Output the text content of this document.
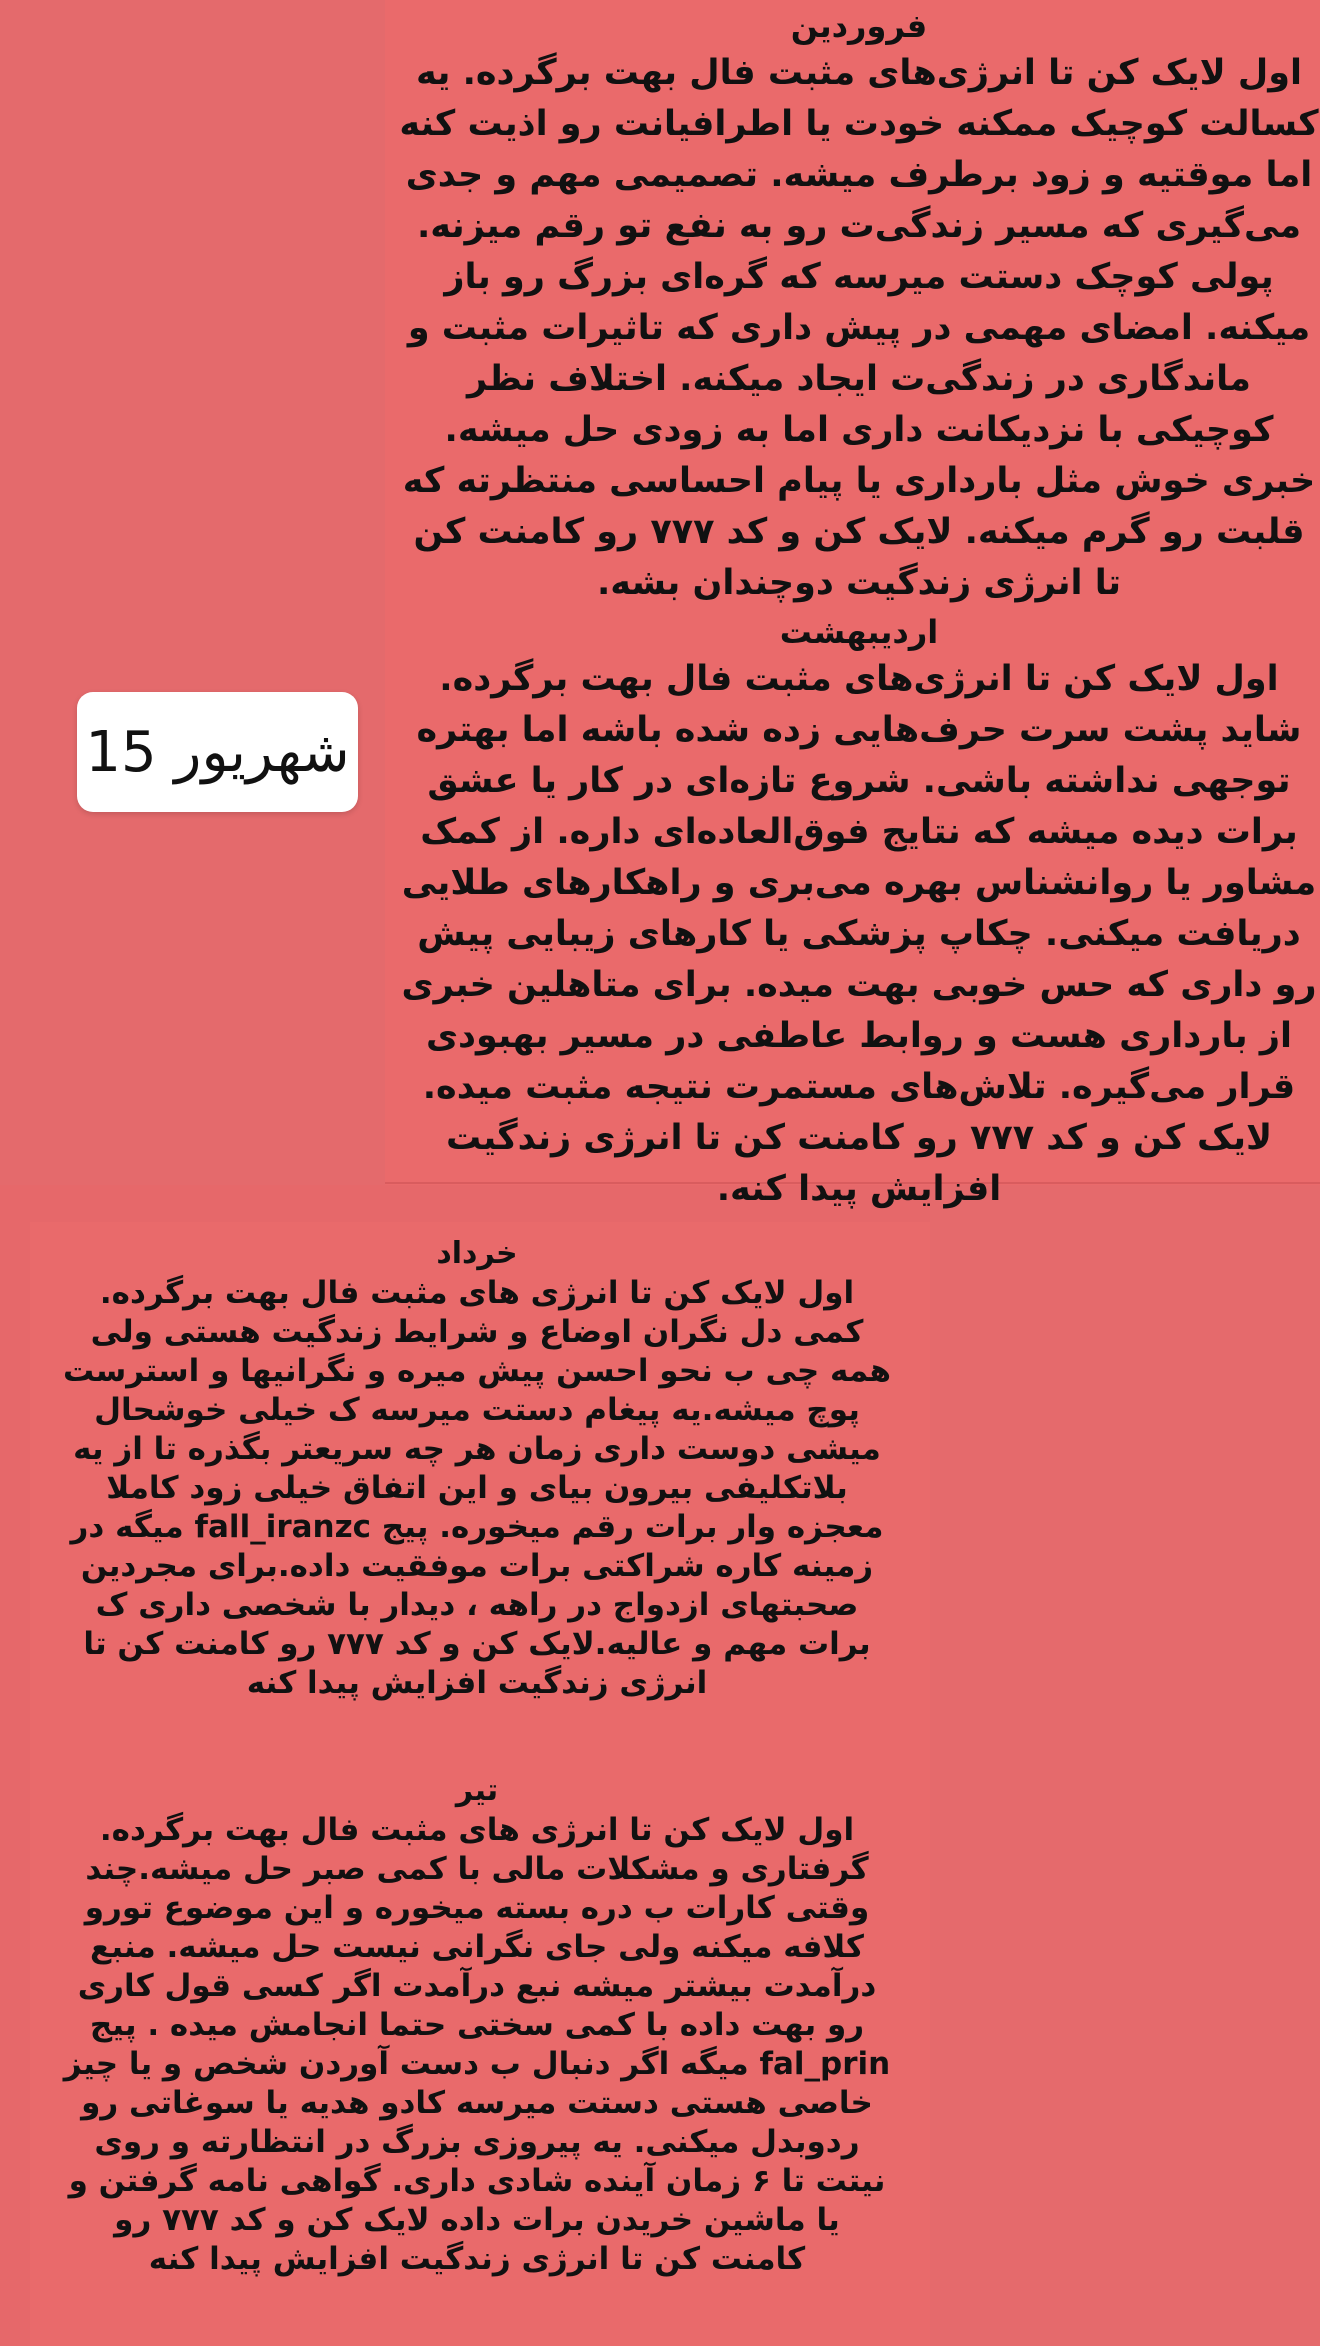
15 شهریور
فروردین
اول لایک کن تا انرژی‌های مثبت فال بهت برگرده. یه کسالت کوچیک ممکنه خودت یا اطرافیانت رو اذیت کنه اما موقتیه و زود برطرف میشه. تصمیمی مهم و جدی می‌گیری که مسیر زندگی‌ت رو به نفع تو رقم میزنه. پولی کوچک دستت میرسه که گره‌ای بزرگ رو باز میکنه. امضای مهمی در پیش داری که تاثیرات مثبت و ماندگاری در زندگی‌ت ایجاد میکنه. اختلاف نظر کوچیکی با نزدیکانت داری اما به زودی حل میشه. خبری خوش مثل بارداری یا پیام احساسی منتظرته که قلبت رو گرم میکنه. لایک کن و کد ۷۷۷ رو کامنت کن تا انرژی زندگیت دوچندان بشه.
اردیبهشت
اول لایک کن تا انرژی‌های مثبت فال بهت برگرده. شاید پشت سرت حرف‌هایی زده شده باشه اما بهتره توجهی نداشته باشی. شروع تازه‌ای در کار یا عشق برات دیده میشه که نتایج فوق‌العاده‌ای داره. از کمک مشاور یا روانشناس بهره می‌بری و راهکارهای طلایی دریافت میکنی. چکاپ پزشکی یا کارهای زیبایی پیش رو داری که حس خوبی بهت میده. برای متاهلین خبری از بارداری هست و روابط عاطفی در مسیر بهبودی قرار می‌گیره. تلاش‌های مستمرت نتیجه مثبت میده. لایک کن و کد ۷۷۷ رو کامنت کن تا انرژی زندگیت افزایش پیدا کنه.
خرداد
اول لایک کن تا انرژی های مثبت فال بهت برگرده. کمی دل نگران اوضاع و شرایط زندگیت هستی ولی همه چی ب نحو احسن پیش میره و نگرانیها و استرست پوچ میشه.یه پیغام دستت میرسه ک خیلی خوشحال میشی دوست داری زمان هر چه سریعتر بگذره تا از یه بلاتکلیفی بیرون بیای و این اتفاق خیلی زود کاملا معجزه وار برات رقم میخوره. پیج fall_iranzc میگه در زمینه کاره شراکتی برات موفقیت داده.برای مجردین صحبتهای ازدواج در راهه ، دیدار با شخصی داری ک برات مهم و عالیه.لایک کن و کد ۷۷۷ رو کامنت کن تا انرژی زندگیت افزایش پیدا کنه
تیر
اول لایک کن تا انرژی های مثبت فال بهت برگرده. گرفتاری و مشکلات مالی با کمی صبر حل میشه.چند وقتی کارات ب دره بسته میخوره و این موضوع تورو کلافه میکنه ولی جای نگرانی نیست حل میشه. منبع درآمدت بیشتر میشه نبع درآمدت اگر کسی قول کاری رو بهت داده با کمی سختی حتما انجامش میده . پیج fal_prin میگه اگر دنبال ب دست آوردن شخص و یا چیز خاصی هستی دستت میرسه کادو هدیه یا سوغاتی رو ردوبدل میکنی. یه پیروزی بزرگ در انتظارته و روی نیتت تا ۶ زمان آینده شادی داری. گواهی نامه گرفتن و یا ماشین خریدن برات داده لایک کن و کد ۷۷۷ رو کامنت کن تا انرژی زندگیت افزایش پیدا کنه
